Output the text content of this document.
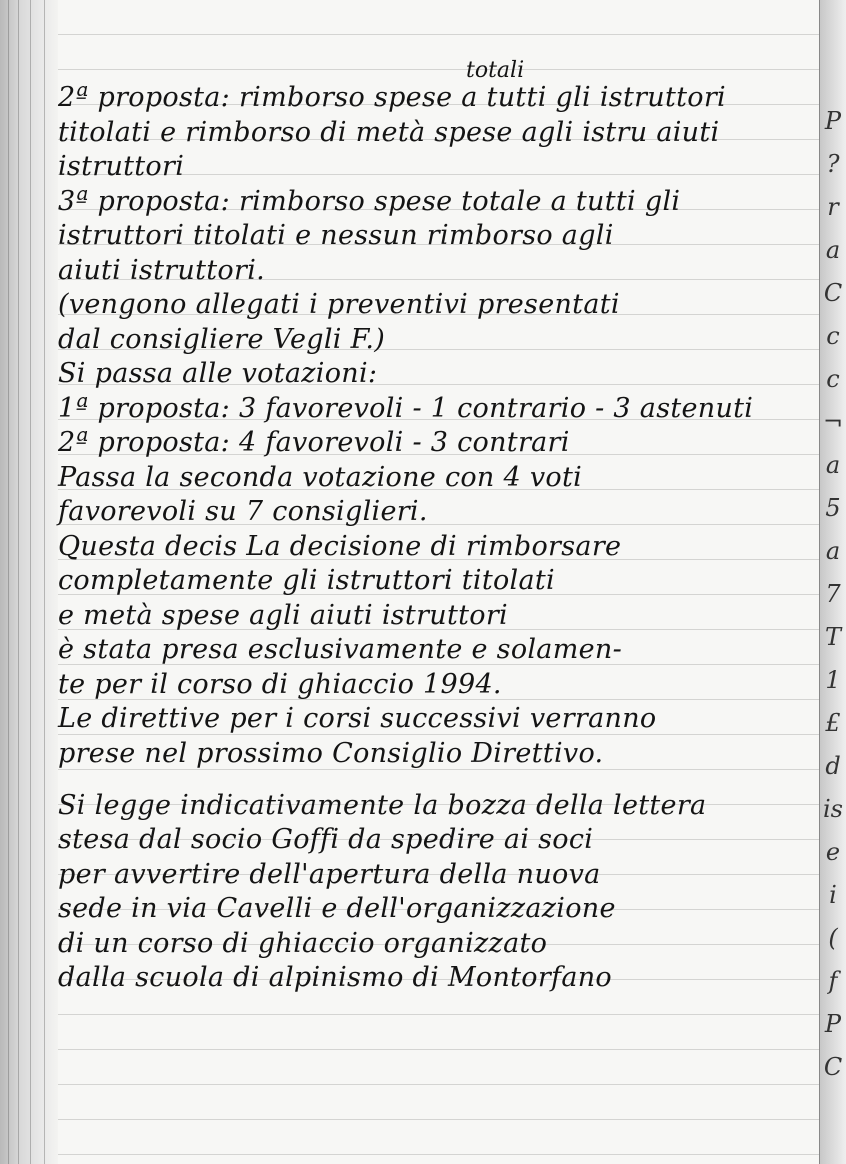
totali
2ª proposta: rimborso spese a tutti gli istruttori
titolati e rimborso di metà spese agli istru aiuti
istruttori
3ª proposta: rimborso spese totale a tutti gli
istruttori titolati e nessun rimborso agli
aiuti istruttori.
(vengono allegati i preventivi presentati
dal consigliere Vegli F.)
Si passa alle votazioni:
1ª proposta: 3 favorevoli - 1 contrario - 3 astenuti
2ª proposta: 4 favorevoli - 3 contrari
Passa la seconda votazione con 4 voti
favorevoli su 7 consiglieri.
Questa decis La decisione di rimborsare
completamente gli istruttori titolati
e metà spese agli aiuti istruttori
è stata presa esclusivamente e solamen-
te per il corso di ghiaccio 1994.
Le direttive per i corsi successivi verranno
prese nel prossimo Consiglio Direttivo.
Si legge indicativamente la bozza della lettera
stesa dal socio Goffi da spedire ai soci
per avvertire dell'apertura della nuova
sede in via Cavelli e dell'organizzazione
di un corso di ghiaccio organizzato
dalla scuola di alpinismo di Montorfano
P
?
r
a
C
c
c
¬
a
5
a
7
T
1
£
d
is
e
i
(
f
P
C
